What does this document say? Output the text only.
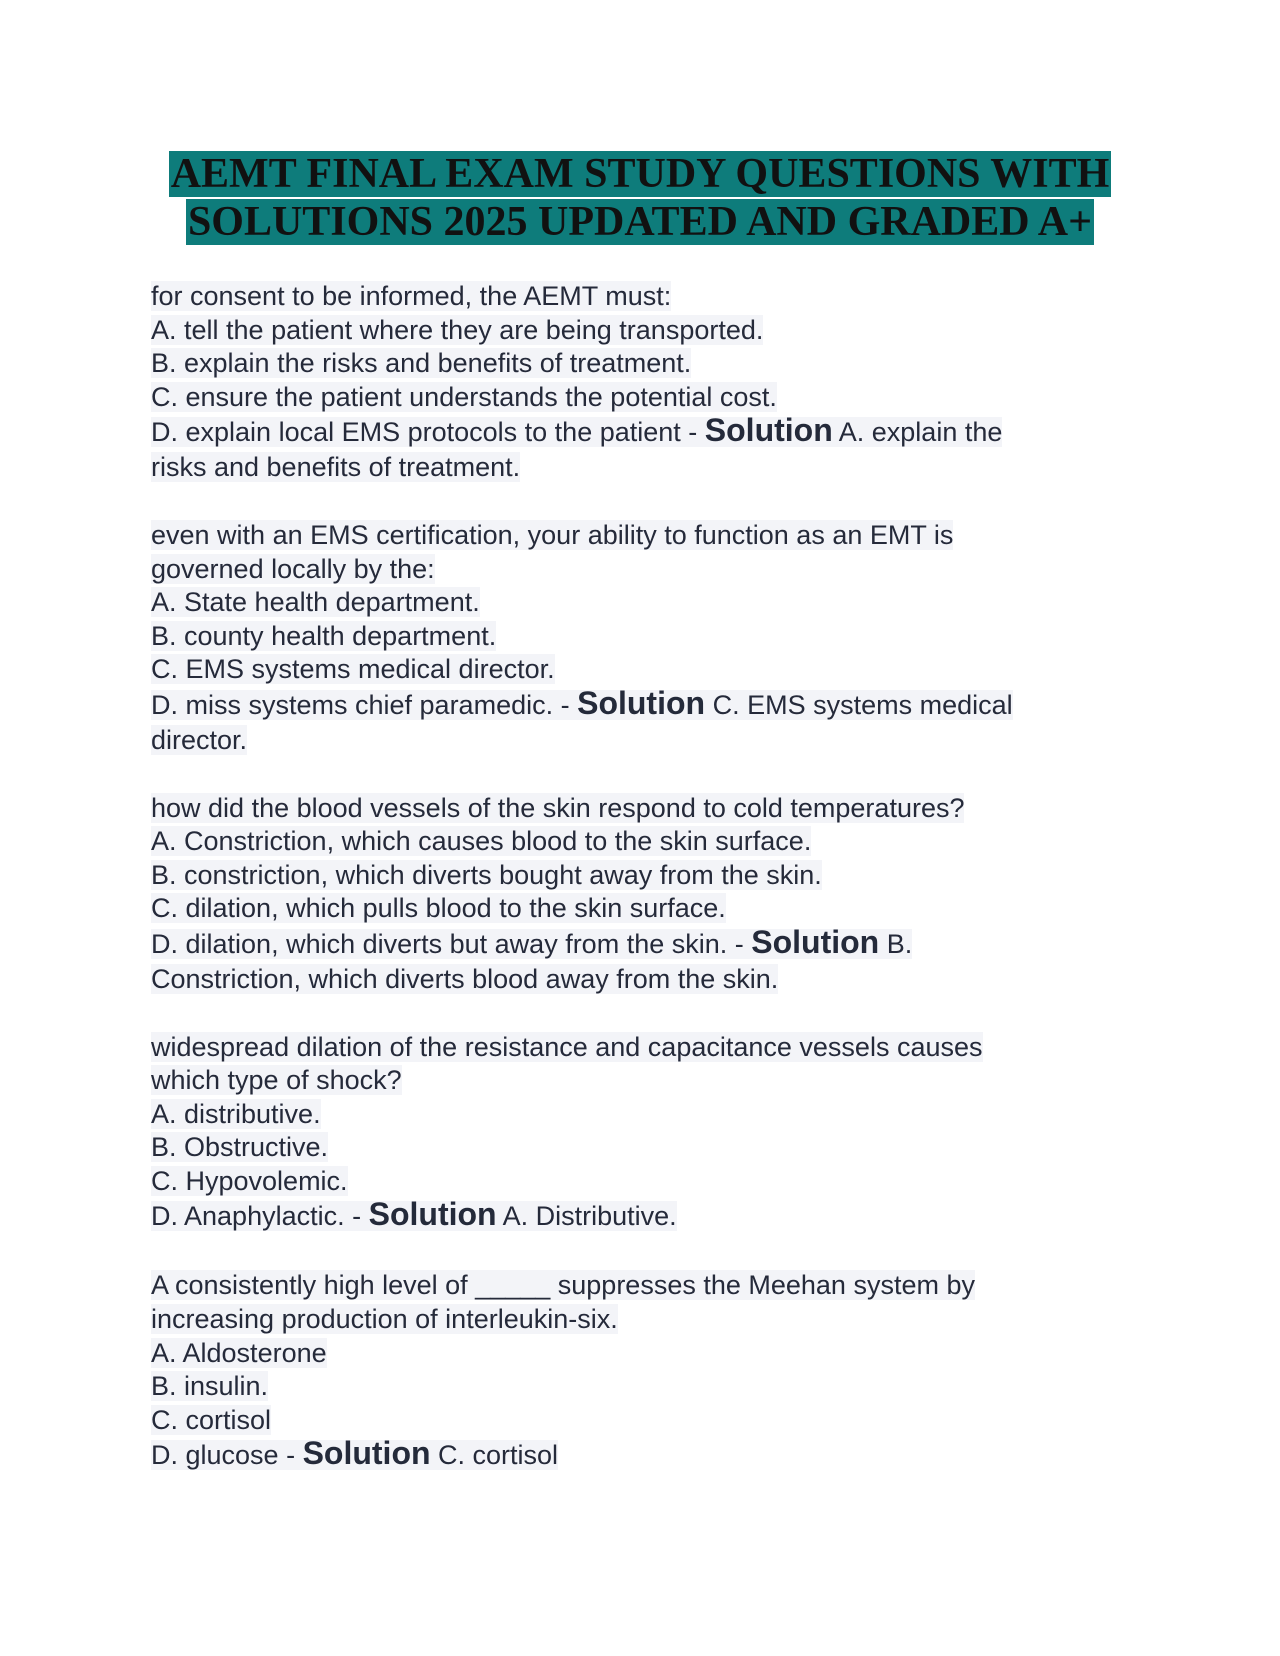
AEMT FINAL EXAM STUDY QUESTIONS WITH
SOLUTIONS 2025 UPDATED AND GRADED A+
for consent to be informed, the AEMT must:
A. tell the patient where they are being transported.
B. explain the risks and benefits of treatment.
C. ensure the patient understands the potential cost.
D. explain local EMS protocols to the patient - Solution A. explain the
risks and benefits of treatment.
even with an EMS certification, your ability to function as an EMT is
governed locally by the:
A. State health department.
B. county health department.
C. EMS systems medical director.
D. miss systems chief paramedic. - Solution C. EMS systems medical
director.
how did the blood vessels of the skin respond to cold temperatures?
A. Constriction, which causes blood to the skin surface.
B. constriction, which diverts bought away from the skin.
C. dilation, which pulls blood to the skin surface.
D. dilation, which diverts but away from the skin. - Solution B.
Constriction, which diverts blood away from the skin.
widespread dilation of the resistance and capacitance vessels causes
which type of shock?
A. distributive.
B. Obstructive.
C. Hypovolemic.
D. Anaphylactic. - Solution A. Distributive.
A consistently high level of _____ suppresses the Meehan system by
increasing production of interleukin-six.
A. Aldosterone
B. insulin.
C. cortisol
D. glucose - Solution C. cortisol
